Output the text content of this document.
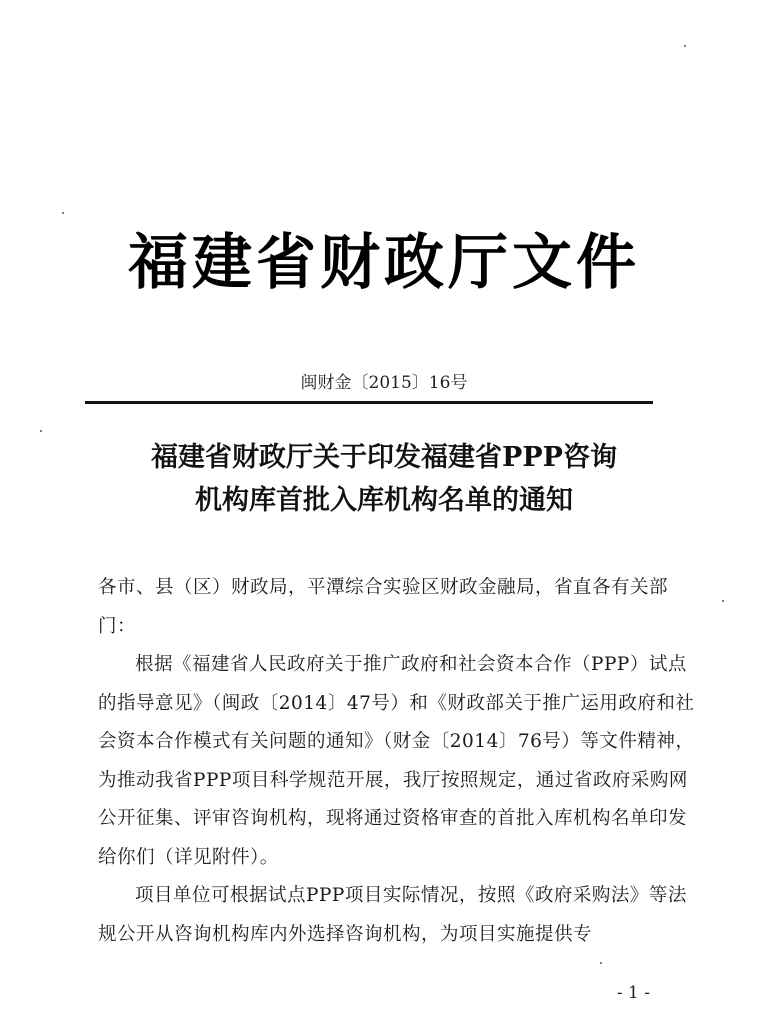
福建省财政厅文件
闽财金〔2015〕16号
福建省财政厅关于印发福建省PPP咨询
机构库首批入库机构名单的通知

各市、县（区）财政局，平潭综合实验区财政金融局，省直各有关部门：

根据《福建省人民政府关于推广政府和社会资本合作（PPP）试点的指导意见》（闽政〔2014〕47号）和《财政部关于推广运用政府和社会资本合作模式有关问题的通知》（财金〔2014〕76号）等文件精神，为推动我省PPP项目科学规范开展，我厅按照规定，通过省政府采购网公开征集、评审咨询机构，现将通过资格审查的首批入库机构名单印发给你们（详见附件）。

项目单位可根据试点PPP项目实际情况，按照《政府采购法》等法规公开从咨询机构库内外选择咨询机构，为项目实施提供专

- 1 -
